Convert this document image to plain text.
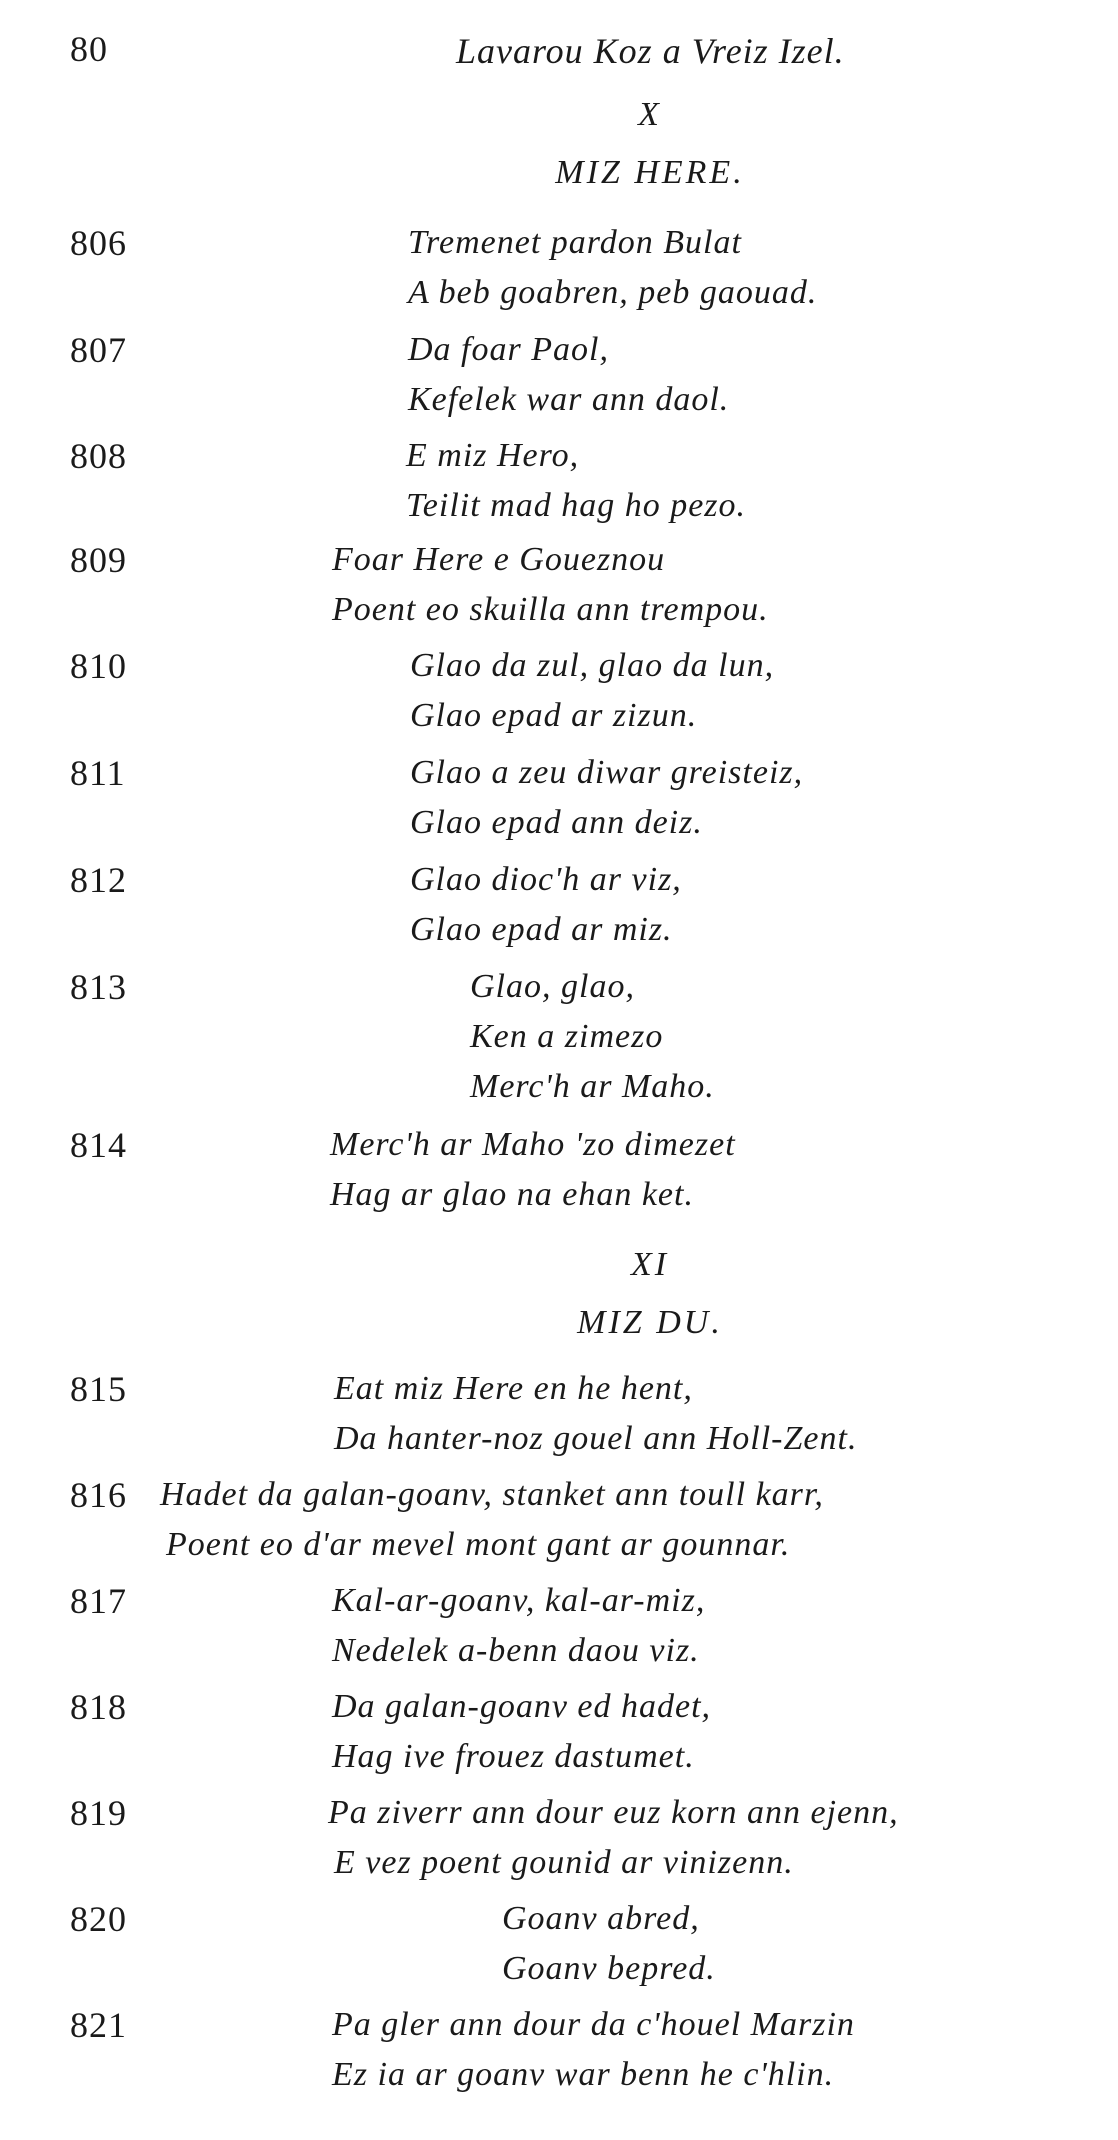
80	Lavarou Koz a Vreiz Izel.
X
MIZ HERE.
806	Tremenet pardon Bulat
A beb goabren, peb gaouad.
807	Da foar Paol,
Kefelek war ann daol.
808	E miz Hero,
Teilit mad hag ho pezo.
809	Foar Here e Goueznou
Poent eo skuilla ann trempou.
810	Glao da zul, glao da lun,
Glao epad ar zizun.
811	Glao a zeu diwar greisteiz,
Glao epad ann deiz.
812	Glao dioc'h ar viz,
Glao epad ar miz.
813	Glao, glao,
Ken a zimezo
Merc'h ar Maho.
814	Merc'h ar Maho 'zo dimezet
Hag ar glao na ehan ket.
XI
MIZ DU.
815	Eat miz Here en he hent,
Da hanter-noz gouel ann Holl-Zent.
816 Hadet da galan-goanv, stanket ann toull karr,
Poent eo d'ar mevel mont gant ar gounnar.
817	Kal-ar-goanv, kal-ar-miz,
Nedelek a-benn daou viz.
818	Da galan-goanv ed hadet,
Hag ive frouez dastumet.
819	Pa ziverr ann dour euz korn ann ejenn,
E vez poent gounid ar vinizenn.
820	Goanv abred,
Goanv bepred.
821	Pa gler ann dour da c'houel Marzin
Ez ia ar goanv war benn he c'hlin.
